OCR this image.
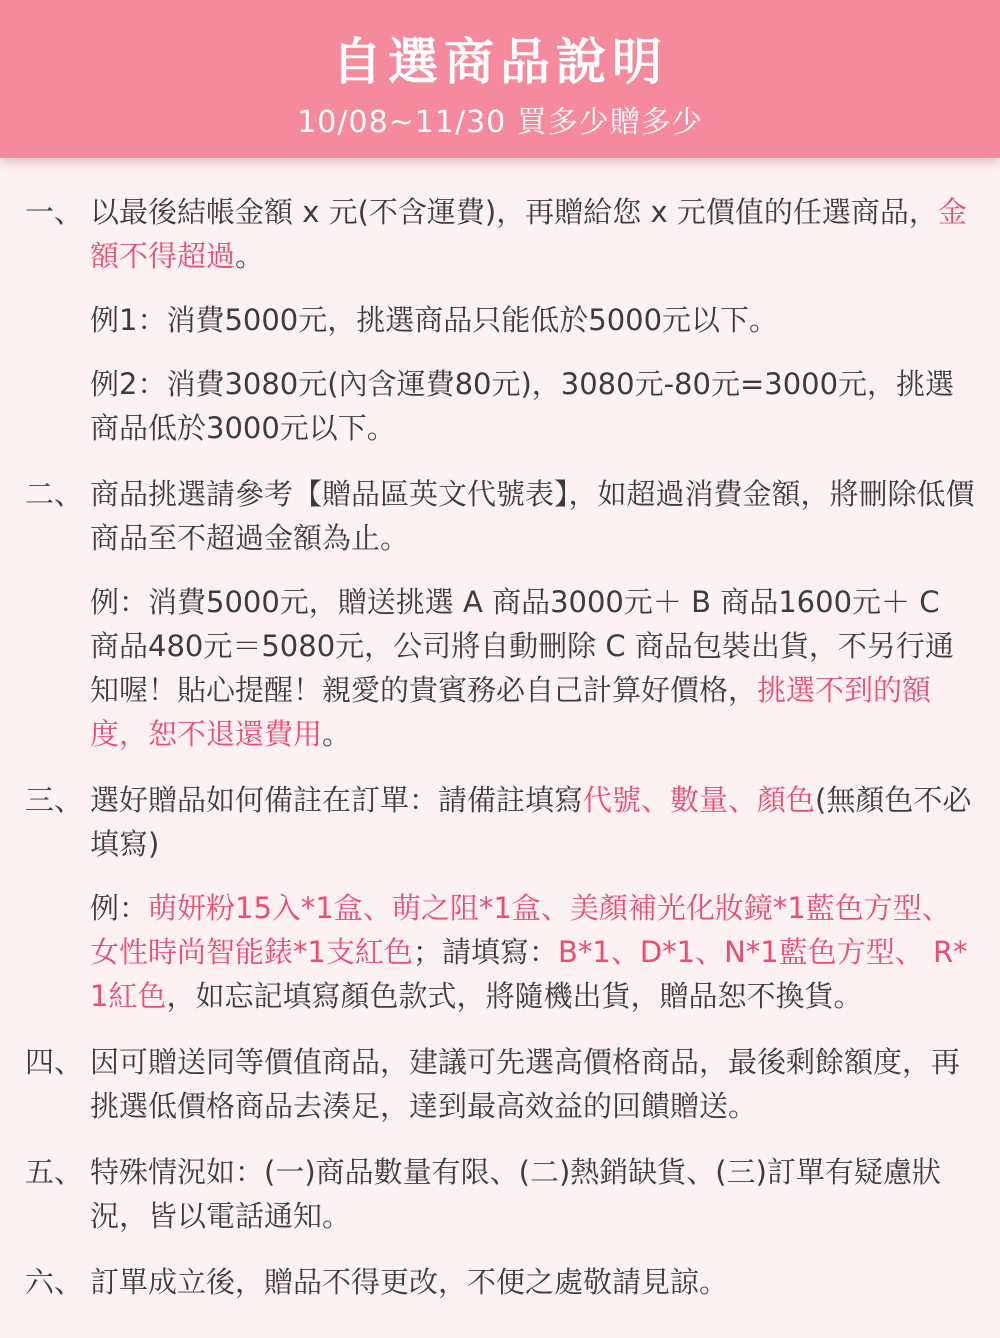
自選商品說明
10/08~11/30 買多少贈多少
一、 以最後結帳金額 x 元(不含運費)，再贈給您 x 元價值的任選商品，金額不得超過。
例1：消費5000元，挑選商品只能低於5000元以下。
例2：消費3080元(內含運費80元)，3080元-80元=3000元，挑選商品低於3000元以下。
二、 商品挑選請參考【贈品區英文代號表】，如超過消費金額，將刪除低價商品至不超過金額為止。
例：消費5000元，贈送挑選 A 商品3000元＋ B 商品1600元＋ C 商品480元＝5080元，公司將自動刪除 C 商品包裝出貨，不另行通知喔！貼心提醒！親愛的貴賓務必自己計算好價格，挑選不到的額度，恕不退還費用。
三、 選好贈品如何備註在訂單：請備註填寫代號、數量、顏色(無顏色不必填寫)
例：萌妍粉15入*1盒、萌之阻*1盒、美顏補光化妝鏡*1藍色方型、女性時尚智能錶*1支紅色；請填寫：B*1、D*1、N*1藍色方型、 R*1紅色，如忘記填寫顏色款式，將隨機出貨，贈品恕不換貨。
四、 因可贈送同等價值商品，建議可先選高價格商品，最後剩餘額度，再挑選低價格商品去湊足，達到最高效益的回饋贈送。
五、 特殊情況如：(一)商品數量有限、(二)熱銷缺貨、(三)訂單有疑慮狀況，皆以電話通知。
六、 訂單成立後，贈品不得更改，不便之處敬請見諒。
